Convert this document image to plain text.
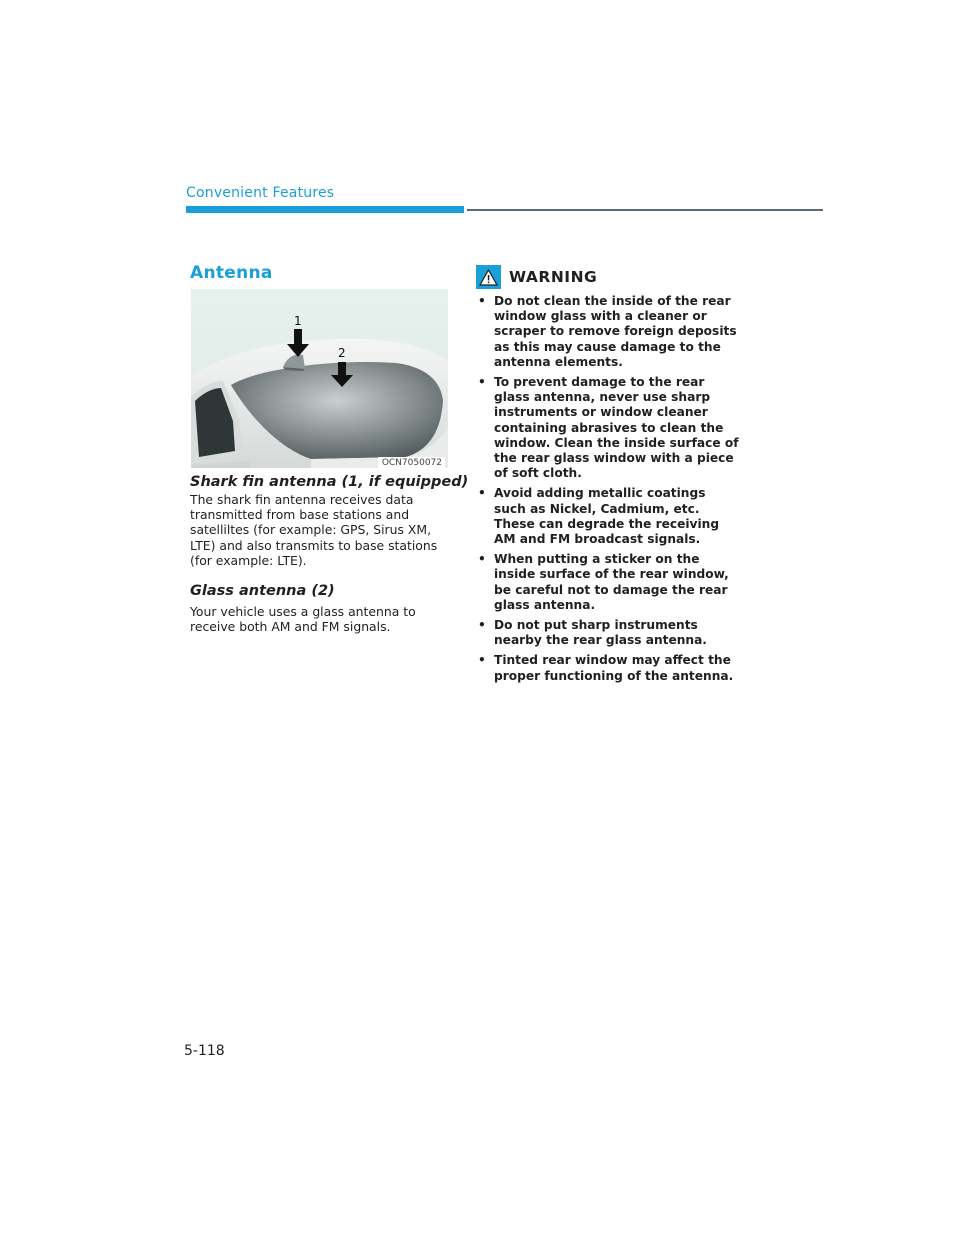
Convenient Features
Antenna
1
2
OCN7050072
Shark fin antenna (1, if equipped)
The shark fin antenna receives data transmitted from base stations and satelliltes (for example: GPS, Sirus XM, LTE) and also transmits to base stations (for example: LTE).
Glass antenna (2)
Your vehicle uses a glass antenna to receive both AM and FM signals.
WARNING
• Do not clean the inside of the rear window glass with a cleaner or scraper to remove foreign deposits as this may cause damage to the antenna elements.
• To prevent damage to the rear glass antenna, never use sharp instruments or window cleaner containing abrasives to clean the window. Clean the inside surface of the rear glass window with a piece of soft cloth.
• Avoid adding metallic coatings such as Nickel, Cadmium, etc. These can degrade the receiving AM and FM broadcast signals.
• When putting a sticker on the inside surface of the rear window, be careful not to damage the rear glass antenna.
• Do not put sharp instruments nearby the rear glass antenna.
• Tinted rear window may affect the proper functioning of the antenna.
5-118
